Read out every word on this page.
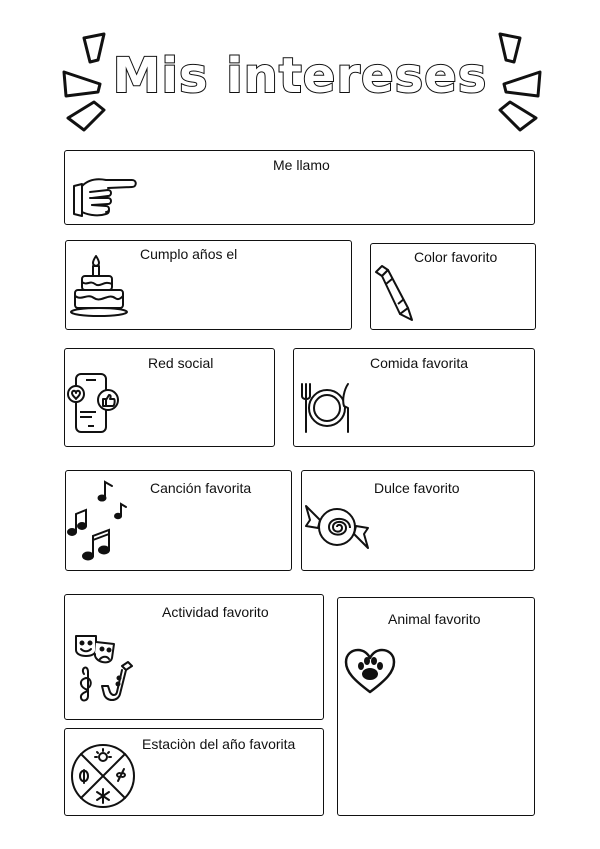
Mis intereses
Me llamo
Cumplo años el	Color favorito
Red social	Comida favorita
Canción favorita	Dulce favorito
Actividad favorito
Estaciòn del año favorita
Animal favorito
